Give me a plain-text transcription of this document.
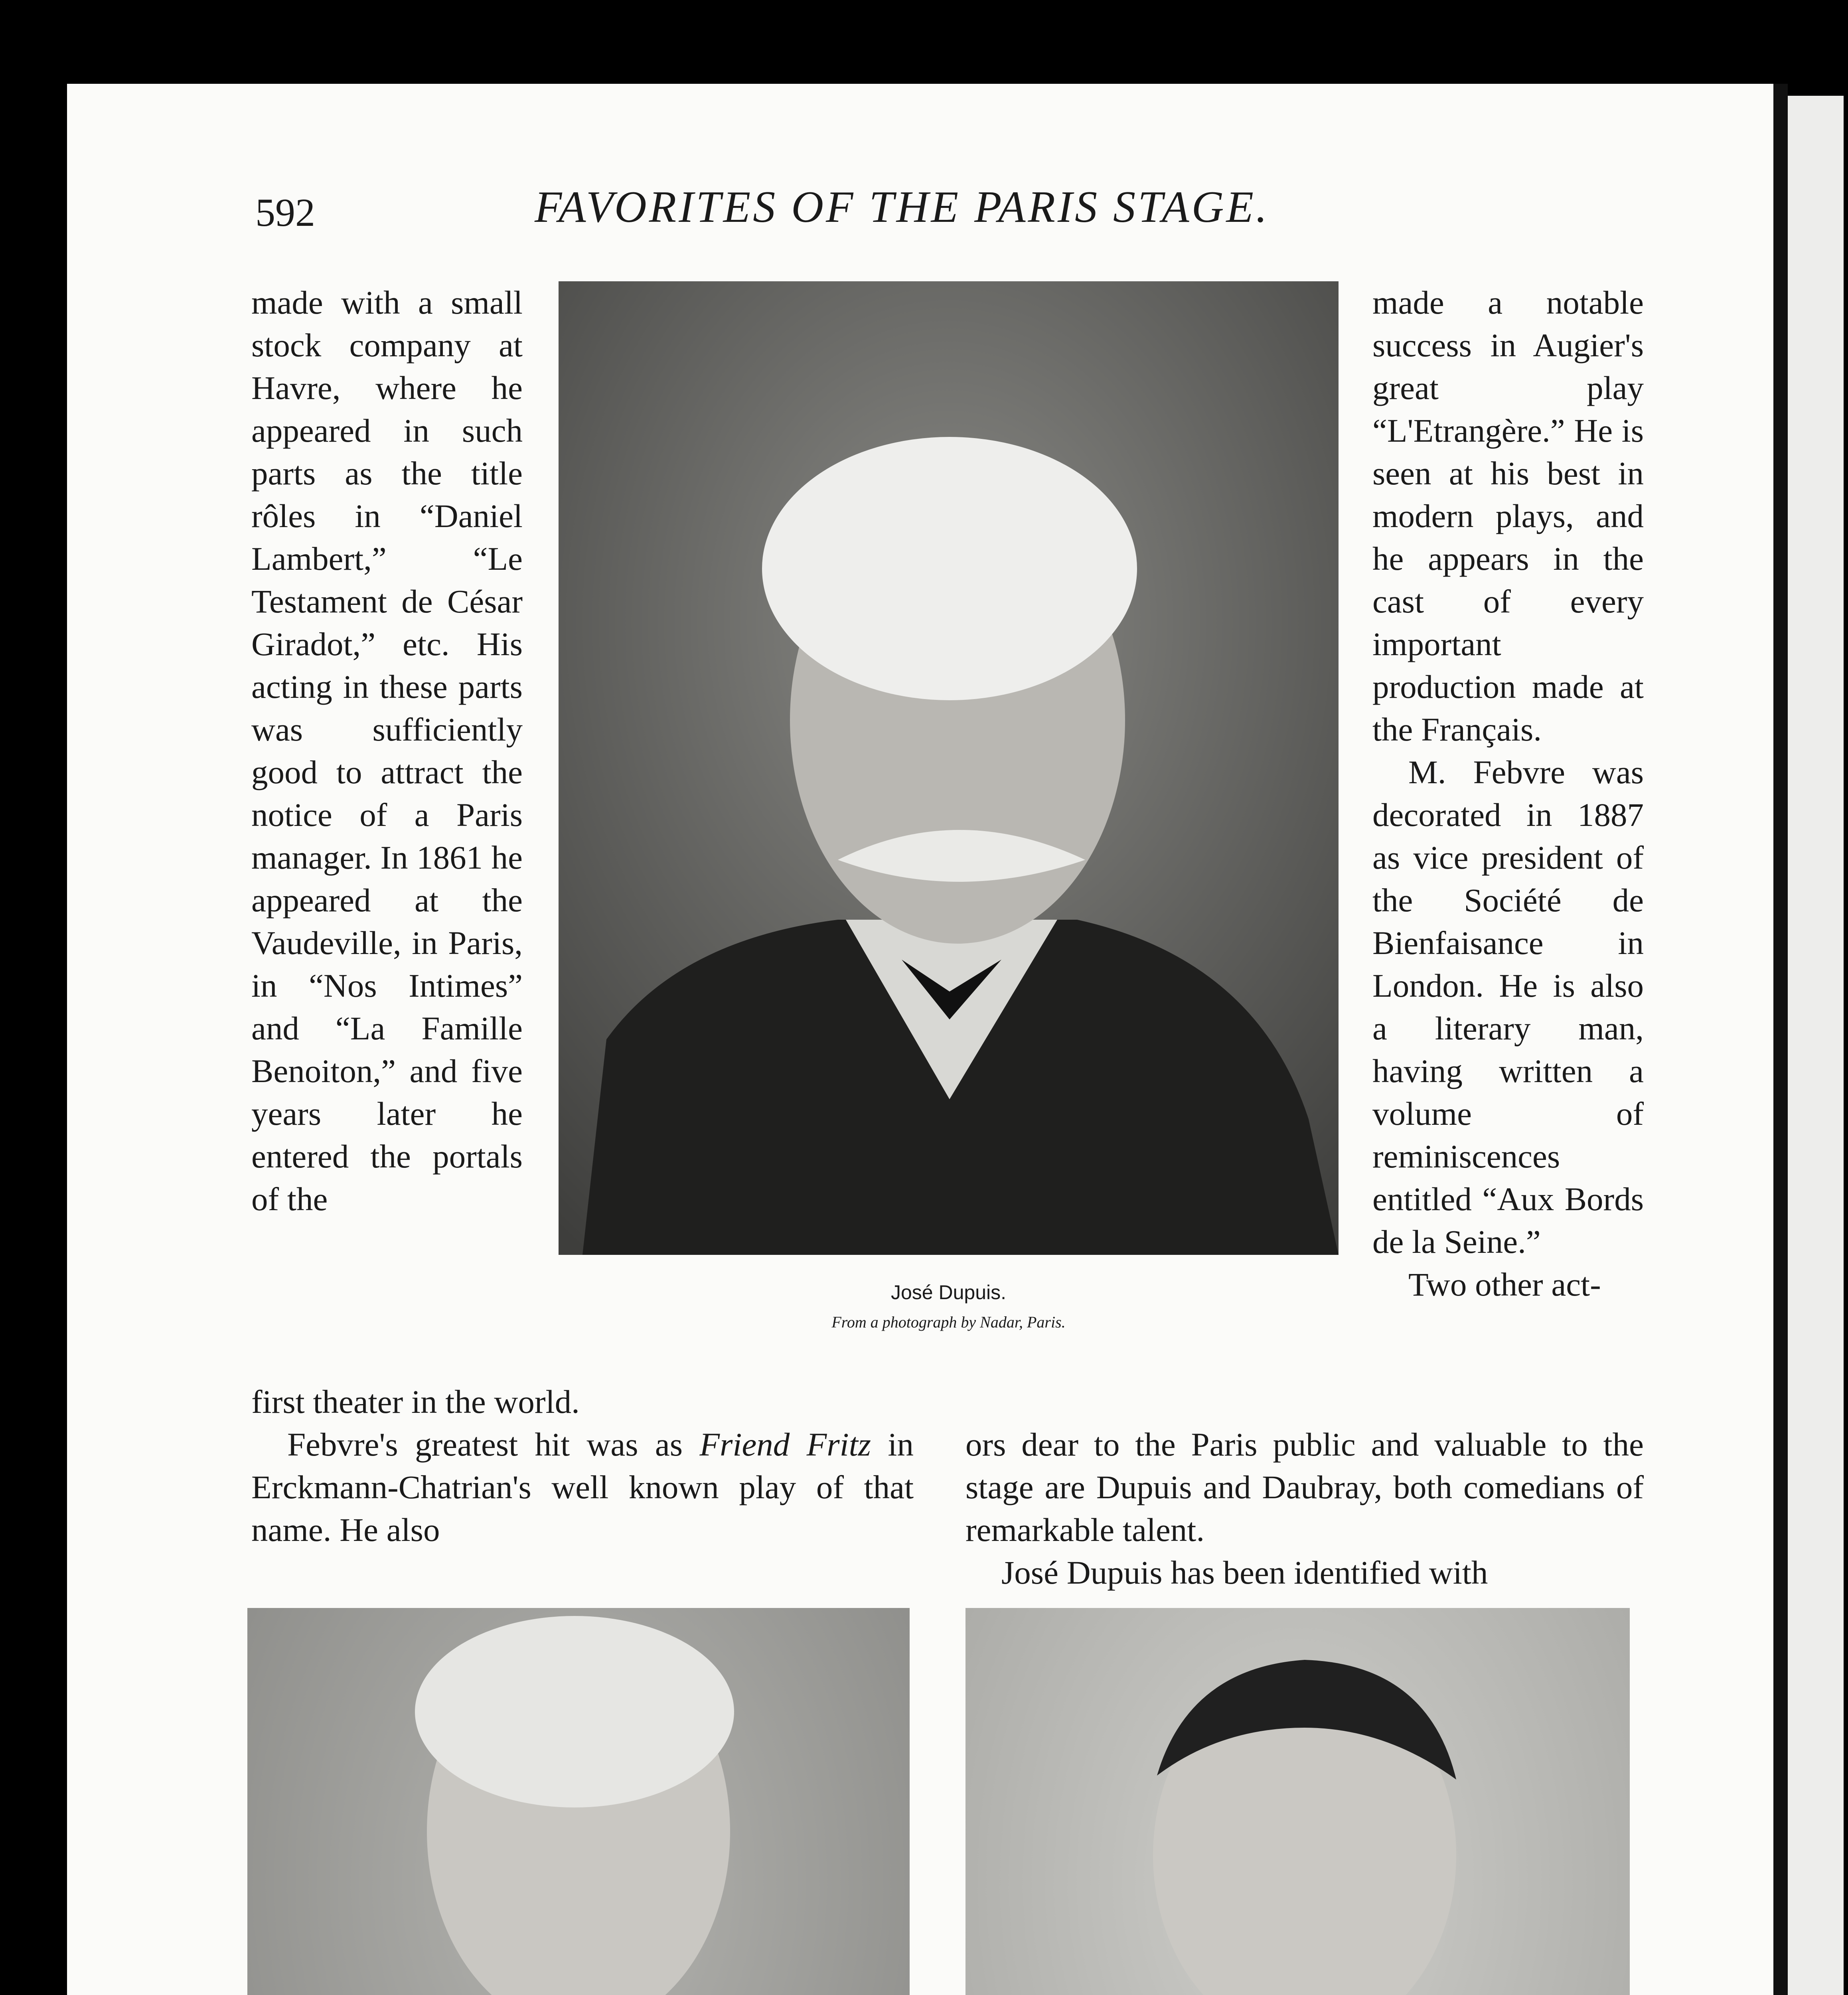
592	FAVORITES OF THE PARIS STAGE.

made with a small stock company at Havre, where he appeared in such parts as the title rôles in “Daniel Lambert,” “Le Testament de César Giradot,” etc. His acting in these parts was sufficiently good to attract the notice of a Paris manager. In 1861 he appeared at the Vaudeville, in Paris, in “Nos Intimes” and “La Famille Benoiton,” and five years later he entered the portals of the

José Dupuis.
From a photograph by Nadar, Paris.

made a notable success in Augier's great play “L'Etrangère.” He is seen at his best in modern plays, and he appears in the cast of every important production made at the Français.

M. Febvre was decorated in 1887 as vice president of the Société de Bienfaisance in London. He is also a literary man, having written a volume of reminiscences entitled “Aux Bords de la Seine.”

Two other act-

first theater in the world.

Febvre's greatest hit was as Friend Fritz in Erckmann-Chatrian's well known play of that name. He also

ors dear to the Paris public and valuable to the stage are Dupuis and Daubray, both comedians of remarkable talent.

José Dupuis has been identified with
